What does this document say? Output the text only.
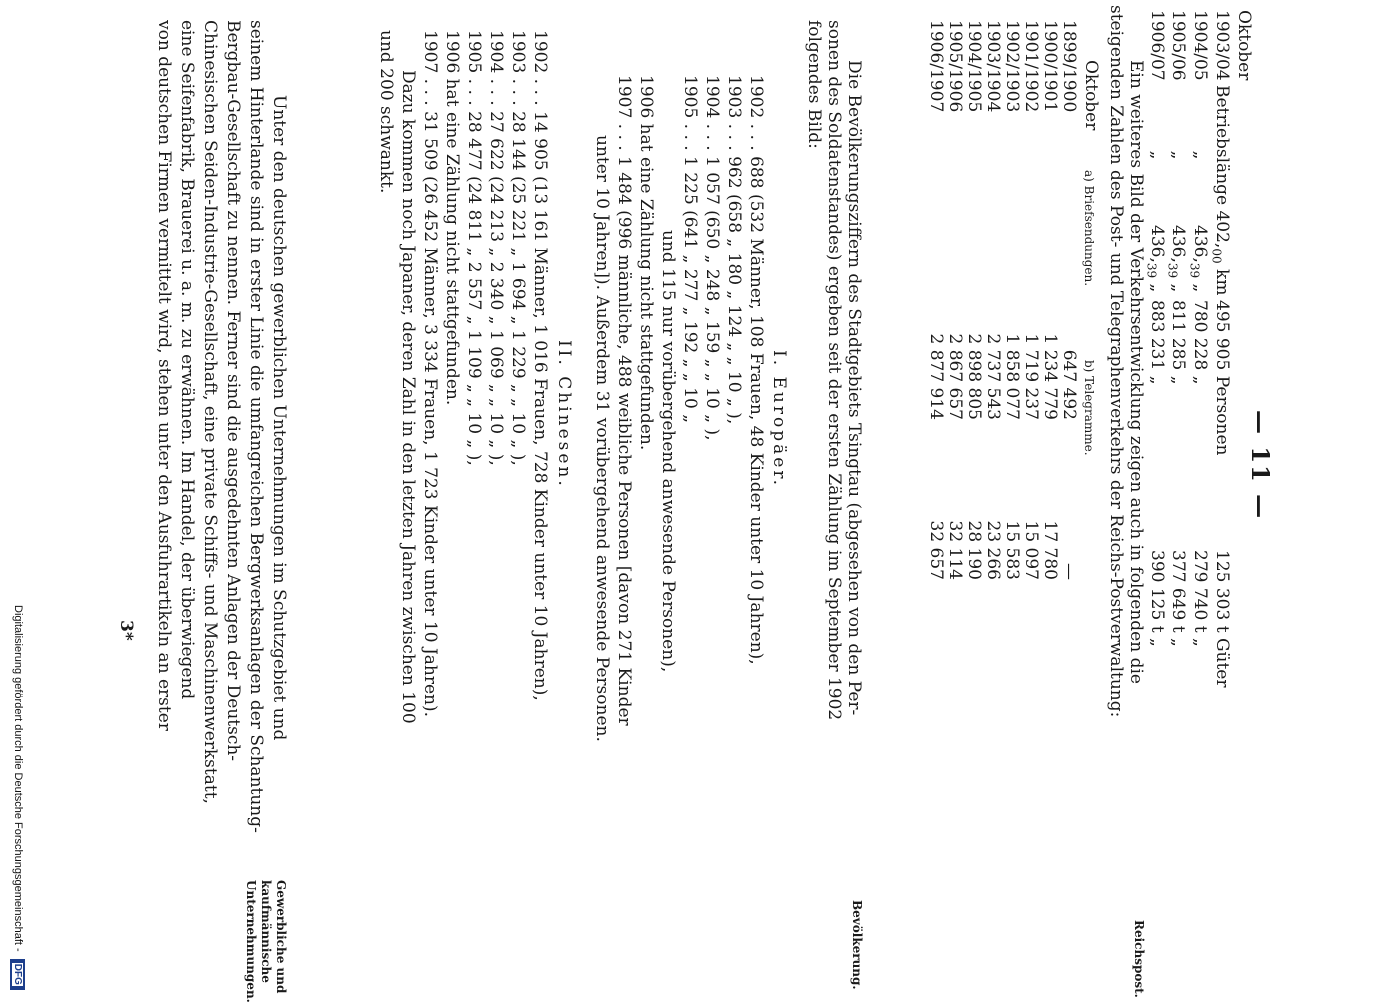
— 11 —
Oktober
1903/04
Betriebslänge $402,_{00}$ km
495 905 Personen
125 303 t Güter
1904/05
„
$436,_{39}$ „
780 228 „
279 740 t „
1905/06
„
$436,_{39}$ „
811 285 „
377 649 t „
1906/07
„
$436,_{39}$ „
883 231 „
390 125 t „
Reichspost.
Ein weiteres Bild der Verkehrsentwicklung zeigen auch in folgenden die
steigenden Zahlen des Post- und Telegraphenverkehrs der Reichs-Postverwaltung:
Oktober
a) Briefsendungen.
b) Telegramme.
1899/1900
647 492
—
1900/1901
1 234 779
17 780
1901/1902
1 719 237
15 097
1902/1903
1 858 077
15 583
1903/1904
2 737 543
23 266
1904/1905
2 898 805
28 190
1905/1906
2 867 657
32 114
1906/1907
2 877 914
32 657
Bevölkerung.
Die Bevölkerungsziffern des Stadtgebiets Tsingtau (abgesehen von den Per-
sonen des Soldatenstandes) ergeben seit der ersten Zählung im September 1902
folgendes Bild:
I. Europäer.
1902 . . . 688 (532 Männer, 108 Frauen, 48 Kinder unter 10 Jahren),
1903 . . . 962 (658 „ 180 „ 124 „ „ 10 „ ),
1904 . . . 1 057 (650 „ 248 „ 159 „ „ 10 „ ),
1905 . . . 1 225 (641 „ 277 „ 192 „ „ 10 „
und 115 nur vorübergehend anwesende Personen),
1906 hat eine Zählung nicht stattgefunden.
1907 . . . 1 484 (996 männliche, 488 weibliche Personen [davon 271 Kinder
unter 10 Jahren]). Außerdem 31 vorübergehend anwesende Personen.
II. Chinesen.
1902 . . . 14 905 (13 161 Männer, 1 016 Frauen, 728 Kinder unter 10 Jahren),
1903 . . . 28 144 (25 221 „ 1 694 „ 1 229 „ „ 10 „ ),
1904 . . . 27 622 (24 213 „ 2 340 „ 1 069 „ „ 10 „ ),
1905 . . . 28 477 (24 811 „ 2 557 „ 1 109 „ „ 10 „ ),
1906 hat eine Zählung nicht stattgefunden.
1907 . . . 31 509 (26 452 Männer, 3 334 Frauen, 1 723 Kinder unter 10 Jahren).
Dazu kommen noch Japaner, deren Zahl in den letzten Jahren zwischen 100
und 200 schwankt.
Gewerbliche und kaufmännische Unternehmungen.
Unter den deutschen gewerblichen Unternehmungen im Schutzgebiet und
seinem Hinterlande sind in erster Linie die umfangreichen Bergwerksanlagen der Schantung-
Bergbau-Gesellschaft zu nennen. Ferner sind die ausgedehnten Anlagen der Deutsch-
Chinesischen Seiden-Industrie-Gesellschaft, eine private Schiffs- und Maschinenwerkstatt,
eine Seifenfabrik, Brauerei u. a. m. zu erwähnen. Im Handel, der überwiegend
von deutschen Firmen vermittelt wird, stehen unter den Ausfuhrartikeln an erster
3*
Digitalisierung gefördert durch die Deutsche Forschungsgemeinschaft - DFG
